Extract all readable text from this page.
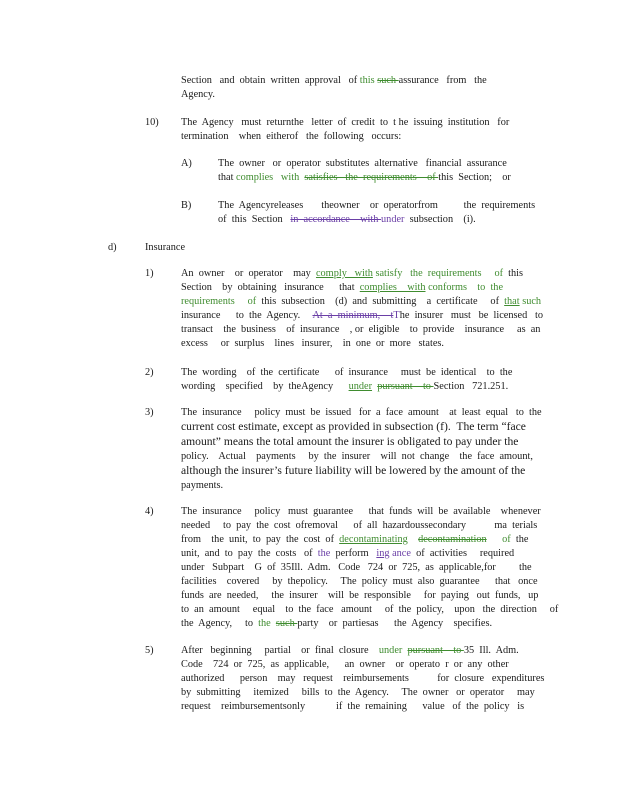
Section   and  obtain  written  approval   of this such assurance   from   the
Agency.
10) The  Agency   must  returnthe   letter  of  credit  to  t he  issuing  institution   for
termination    when  eitherof   the  following   occurs:
A)	The  owner   or  operator  substitutes  alternative   financial  assurance
that complies   with satisfies   the  requirements    of this  Section;    or
B)	The  Agencyreleases       theowner    or  operatorfrom          the  requirements
of  this  Section   in  accordance    with under  subsection    (i).
d)	Insurance
1)	An  owner    or  operator    may  comply   with satisfy   the  requirements of  this
Section    by  obtaining   insurance      that  complies    with conforms    to  the
requirements of  this  subsection    (d)  and  submitting    a  certificate     of  that such
insurance      to  the  Agency.     At  a  minimum,    tThe  insurer   must   be  licensed   to
transact    the  business    of  insurance    , or  eligible    to  provide    insurance     as  an
excess     or  surplus    lines   insurer,    in  one  or  more   states.
2)	The  wording    of  the  certificate      of  insurance     must  be  identical    to  the
wording    specified    by  theAgency      under pursuant    to Section   721.251.
3)	The  insurance     policy  must  be  issued   for  a  face  amount    at  least  equal   to  the
current cost estimate, except as provided in subsection (f).  The term “face
amount” means the total amount the insurer is obligated to pay under the
policy.    Actual    payments     by  the  insurer    will  not  change    the  face  amount,
although the insurer’s future liability will be lowered by the amount of the
payments.
4)	The  insurance     policy   must  guarantee      that  funds  will  be  available    whenever
needed     to  pay  the  cost  ofremoval      of  all  hazardoussecondary           ma  terials
from    the  unit,  to  pay  the  cost  of  decontaminating decontamination of  the
unit,  and  to  pay  the  costs   of  the  perform   ing ance  of  activities     required
under   Subpart    G  of  35Ill.  Adm.   Code   724  or  725,  as  applicable,for         the
facilities    covered     by  thepolicy.     The  policy  must  also  guarantee      that   once
funds  are  needed,     the  insurer    will  be  responsible     for  paying   out  funds,   up
to  an  amount     equal    to  the  face   amount     of  the  policy,    upon   the  direction     of
the  Agency,     to  the such party    or  partiesas      the  Agency    specifies.
5)	After   beginning     partial    or  final  closure    under pursuant    to 35  Ill.  Adm.
Code    724  or  725,  as  applicable,      an  owner    or  operato  r  or  any  other
authorized      person    may   request    reimbursements           for  closure   expenditures
by  submitting     itemized     bills  to  the  Agency.     The  owner   or  operator     may
request    reimbursementsonly            if  the  remaining      value   of  the  policy   is
